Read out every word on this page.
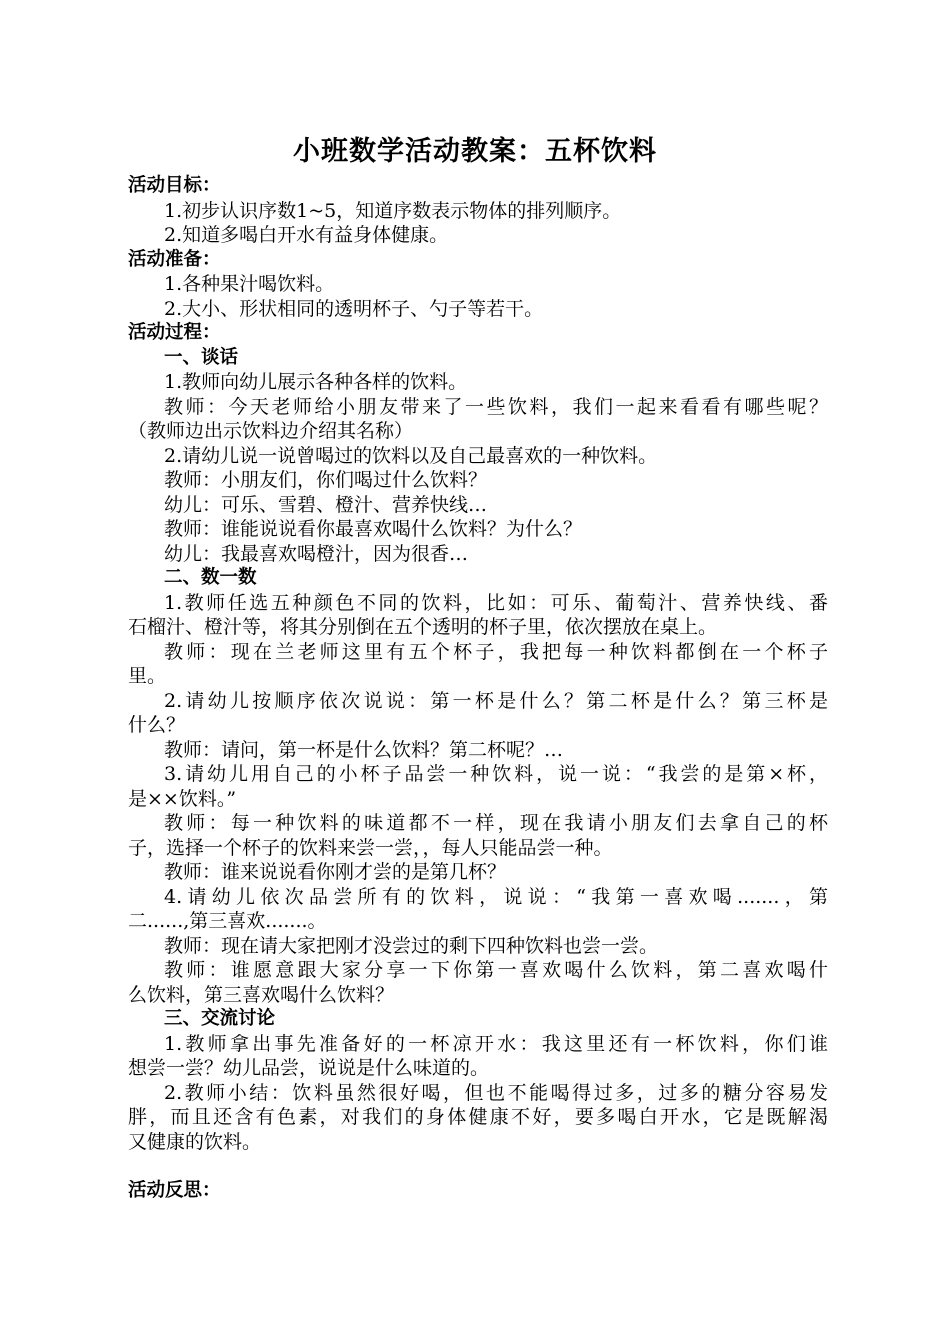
小班数学活动教案：五杯饮料
活动目标：
1.初步认识序数1~5，知道序数表示物体的排列顺序。
2.知道多喝白开水有益身体健康。
活动准备：
1.各种果汁喝饮料。
2.大小、形状相同的透明杯子、勺子等若干。
活动过程：
一、谈话
1.教师向幼儿展示各种各样的饮料。
教师：今天老师给小朋友带来了一些饮料，我们一起来看看有哪些呢？
（教师边出示饮料边介绍其名称）
2.请幼儿说一说曾喝过的饮料以及自己最喜欢的一种饮料。
教师：小朋友们，你们喝过什么饮料？
幼儿：可乐、雪碧、橙汁、营养快线…
教师：谁能说说看你最喜欢喝什么饮料？为什么？
幼儿：我最喜欢喝橙汁，因为很香…
二、数一数
1.教师任选五种颜色不同的饮料，比如：可乐、葡萄汁、营养快线、番
石榴汁、橙汁等，将其分别倒在五个透明的杯子里，依次摆放在桌上。
教师：现在兰老师这里有五个杯子，我把每一种饮料都倒在一个杯子
里。
2.请幼儿按顺序依次说说：第一杯是什么？第二杯是什么？第三杯是
什么？
教师：请问，第一杯是什么饮料？第二杯呢？…
3.请幼儿用自己的小杯子品尝一种饮料，说一说：“我尝的是第×杯，
是××饮料。”
教师：每一种饮料的味道都不一样，现在我请小朋友们去拿自己的杯
子，选择一个杯子的饮料来尝一尝，，每人只能品尝一种。
教师：谁来说说看你刚才尝的是第几杯？
4.请幼儿依次品尝所有的饮料，说说：“我第一喜欢喝.......，第
二......,第三喜欢.......。
教师：现在请大家把刚才没尝过的剩下四种饮料也尝一尝。
教师：谁愿意跟大家分享一下你第一喜欢喝什么饮料，第二喜欢喝什
么饮料，第三喜欢喝什么饮料？
三、交流讨论
1.教师拿出事先准备好的一杯凉开水：我这里还有一杯饮料，你们谁
想尝一尝？幼儿品尝，说说是什么味道的。
2.教师小结：饮料虽然很好喝，但也不能喝得过多，过多的糖分容易发
胖，而且还含有色素，对我们的身体健康不好，要多喝白开水，它是既解渴
又健康的饮料。
活动反思：
